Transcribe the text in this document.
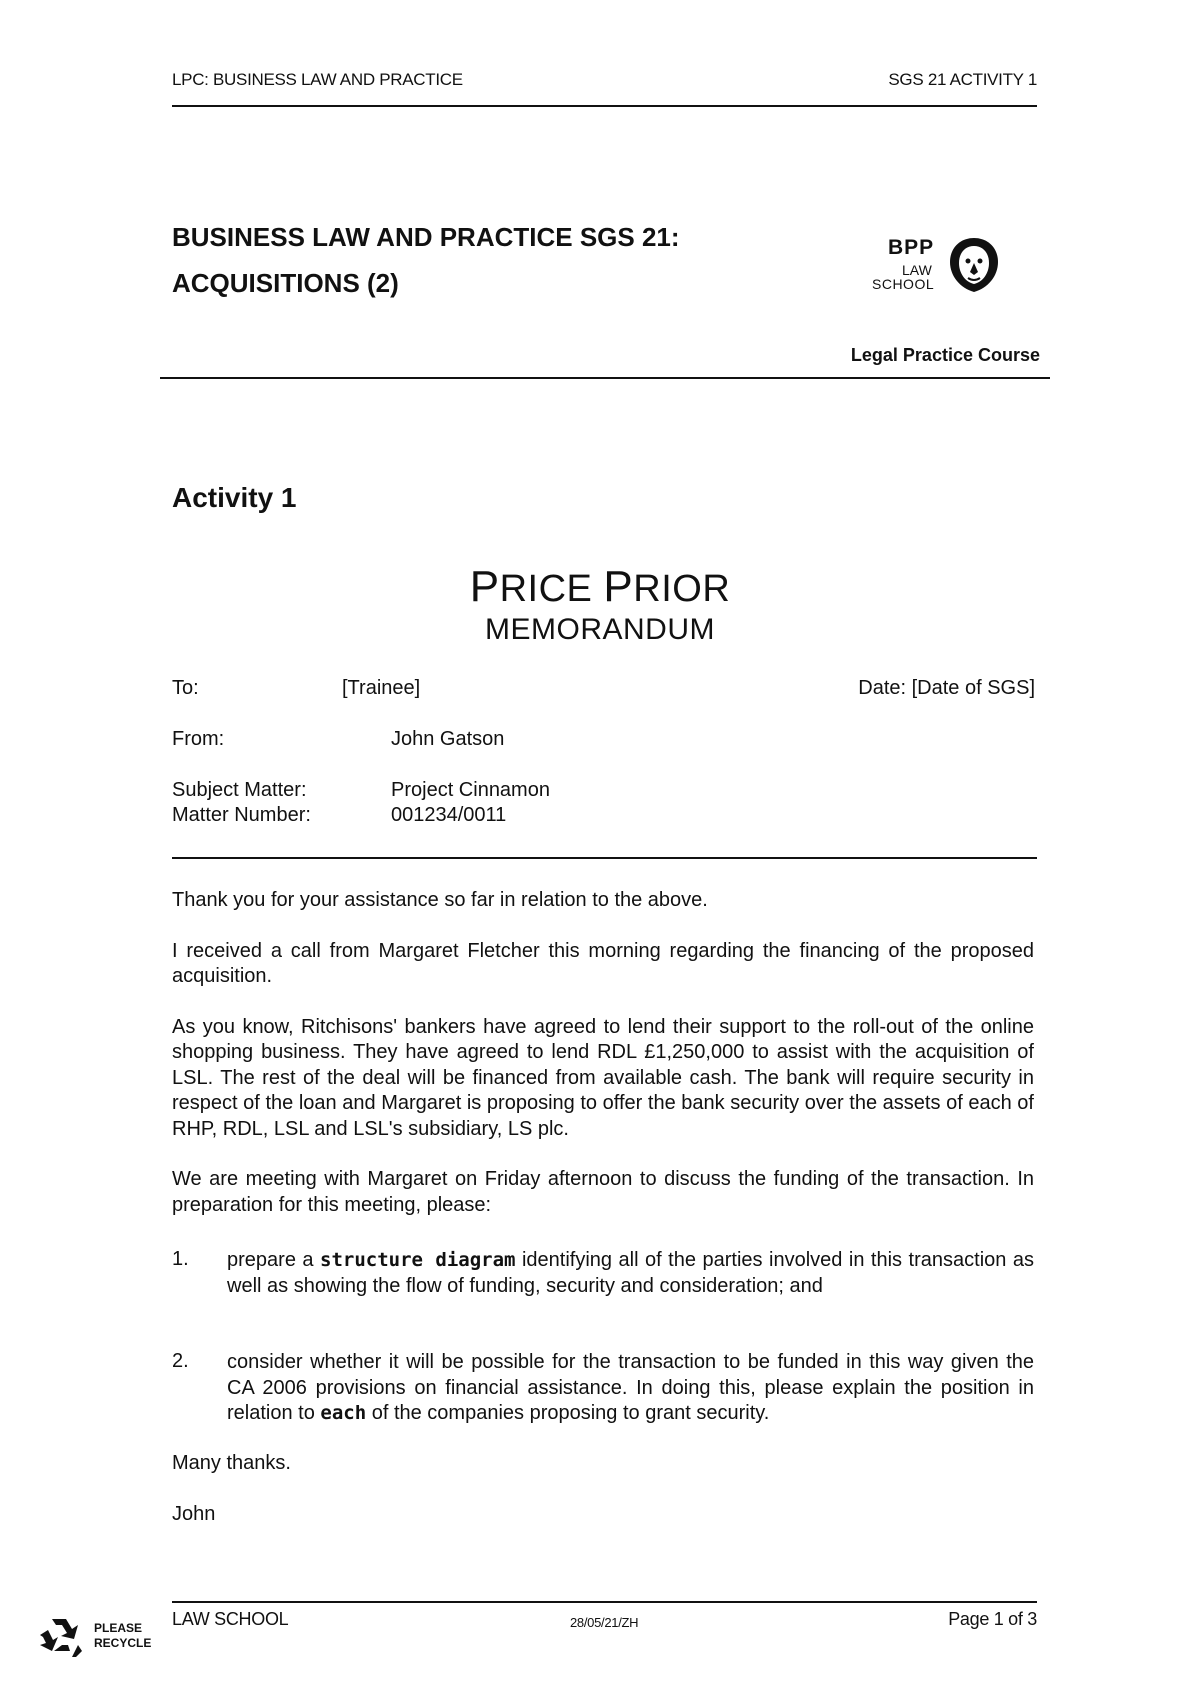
LPC: BUSINESS LAW AND PRACTICE	SGS 21 ACTIVITY 1
BUSINESS LAW AND PRACTICE SGS 21:
ACQUISITIONS (2)
BPP
LAW
SCHOOL
Legal Practice Course
Activity 1
PRICE PRIOR
MEMORANDUM
To:	[Trainee]	Date: [Date of SGS]
From:	John Gatson
Subject Matter:	Project Cinnamon
Matter Number:	001234/0011

Thank you for your assistance so far in relation to the above.

I received a call from Margaret Fletcher this morning regarding the financing of the proposed acquisition.

As you know, Ritchisons' bankers have agreed to lend their support to the roll-out of the online shopping business. They have agreed to lend RDL £1,250,000 to assist with the acquisition of LSL. The rest of the deal will be financed from available cash. The bank will require security in respect of the loan and Margaret is proposing to offer the bank security over the assets of each of RHP, RDL, LSL and LSL's subsidiary, LS plc.

We are meeting with Margaret on Friday afternoon to discuss the funding of the transaction. In preparation for this meeting, please:

1. prepare a structure diagram identifying all of the parties involved in this transaction as well as showing the flow of funding, security and consideration; and
2. consider whether it will be possible for the transaction to be funded in this way given the CA 2006 provisions on financial assistance. In doing this, please explain the position in relation to each of the companies proposing to grant security.
Many thanks.
John
LAW SCHOOL	28/05/21/ZH	Page 1 of 3
PLEASE
RECYCLE
